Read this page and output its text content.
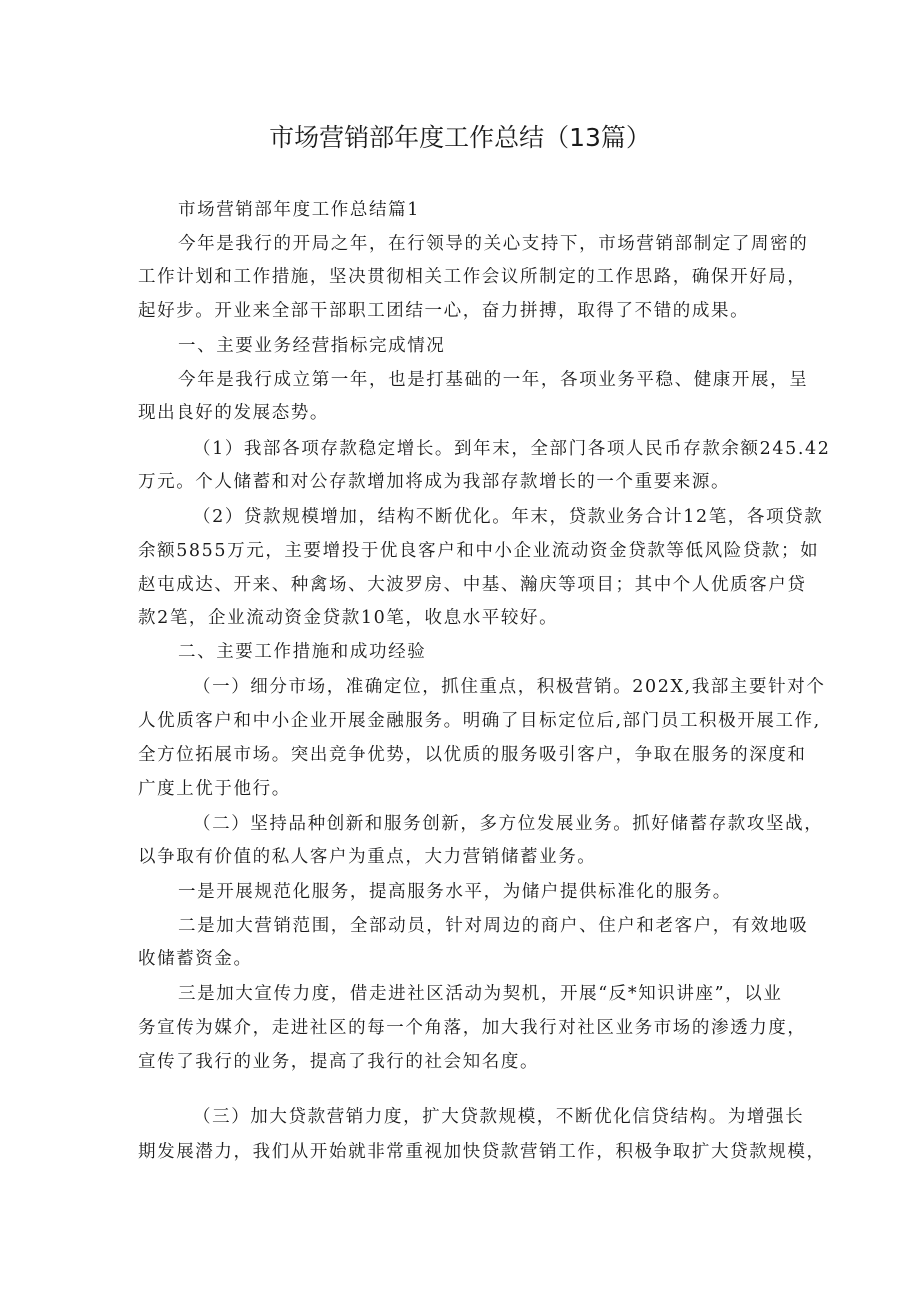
市场营销部年度工作总结（13篇）
市场营销部年度工作总结篇1
今年是我行的开局之年，在行领导的关心支持下，市场营销部制定了周密的
工作计划和工作措施，坚决贯彻相关工作会议所制定的工作思路，确保开好局，
起好步。开业来全部干部职工团结一心，奋力拼搏，取得了不错的成果。
一、主要业务经营指标完成情况
今年是我行成立第一年，也是打基础的一年，各项业务平稳、健康开展，呈
现出良好的发展态势。
（1）我部各项存款稳定增长。到年末，全部门各项人民币存款余额245.42
万元。个人储蓄和对公存款增加将成为我部存款增长的一个重要来源。
（2）贷款规模增加，结构不断优化。年末，贷款业务合计12笔，各项贷款
余额5855万元，主要增投于优良客户和中小企业流动资金贷款等低风险贷款；如
赵屯成达、开来、种禽场、大波罗房、中基、瀚庆等项目；其中个人优质客户贷
款2笔，企业流动资金贷款10笔，收息水平较好。
二、主要工作措施和成功经验
（一）细分市场，准确定位，抓住重点，积极营销。202X,我部主要针对个
人优质客户和中小企业开展金融服务。明确了目标定位后,部门员工积极开展工作,
全方位拓展市场。突出竞争优势，以优质的服务吸引客户，争取在服务的深度和
广度上优于他行。
（二）坚持品种创新和服务创新，多方位发展业务。抓好储蓄存款攻坚战，
以争取有价值的私人客户为重点，大力营销储蓄业务。
一是开展规范化服务，提高服务水平，为储户提供标准化的服务。
二是加大营销范围，全部动员，针对周边的商户、住户和老客户，有效地吸
收储蓄资金。
三是加大宣传力度，借走进社区活动为契机，开展“反*知识讲座”，以业
务宣传为媒介，走进社区的每一个角落，加大我行对社区业务市场的渗透力度，
宣传了我行的业务，提高了我行的社会知名度。
（三）加大贷款营销力度，扩大贷款规模，不断优化信贷结构。为增强长
期发展潜力，我们从开始就非常重视加快贷款营销工作，积极争取扩大贷款规模，
